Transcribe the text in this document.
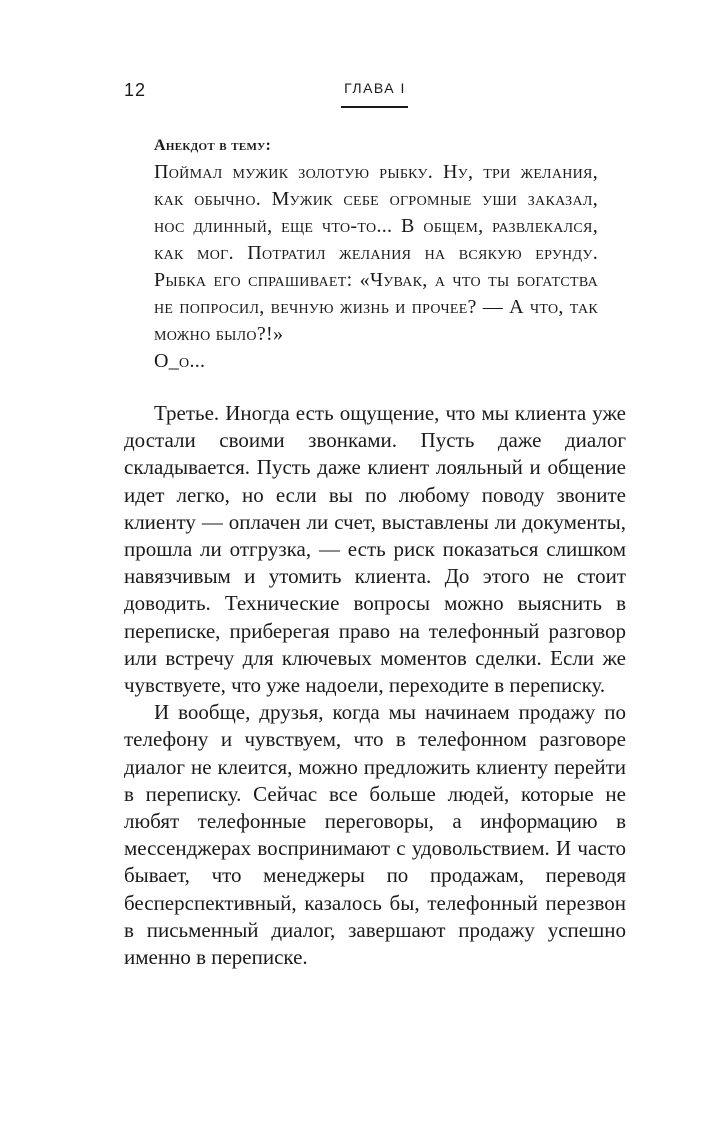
12	ГЛАВА I
Анекдот в тему:

Поймал мужик золотую рыбку. Ну, три желания, как обычно. Мужик себе огромные уши заказал, нос длинный, еще что-то... В общем, развлекался, как мог. Потратил желания на всякую ерунду. Рыбка его спрашивает: «Чувак, а что ты богатства не попросил, вечную жизнь и прочее? — А что, так можно было?!»

O_o...

Третье. Иногда есть ощущение, что мы клиента уже достали своими звонками. Пусть даже диалог складывается. Пусть даже клиент лояльный и общение идет легко, но если вы по любому поводу звоните клиенту — оплачен ли счет, выставлены ли документы, прошла ли отгрузка, — есть риск показаться слишком навязчивым и утомить клиента. До этого не стоит доводить. Технические вопросы можно выяснить в переписке, приберегая право на телефонный разговор или встречу для ключевых моментов сделки. Если же чувствуете, что уже надоели, переходите в переписку.

И вообще, друзья, когда мы начинаем продажу по телефону и чувствуем, что в телефонном разговоре диалог не клеится, можно предложить клиенту перейти в переписку. Сейчас все больше людей, которые не любят телефонные переговоры, а информацию в мессенджерах воспринимают с удовольствием. И часто бывает, что менеджеры по продажам, переводя бесперспективный, казалось бы, телефонный перезвон в письменный диалог, завершают продажу успешно именно в переписке.
